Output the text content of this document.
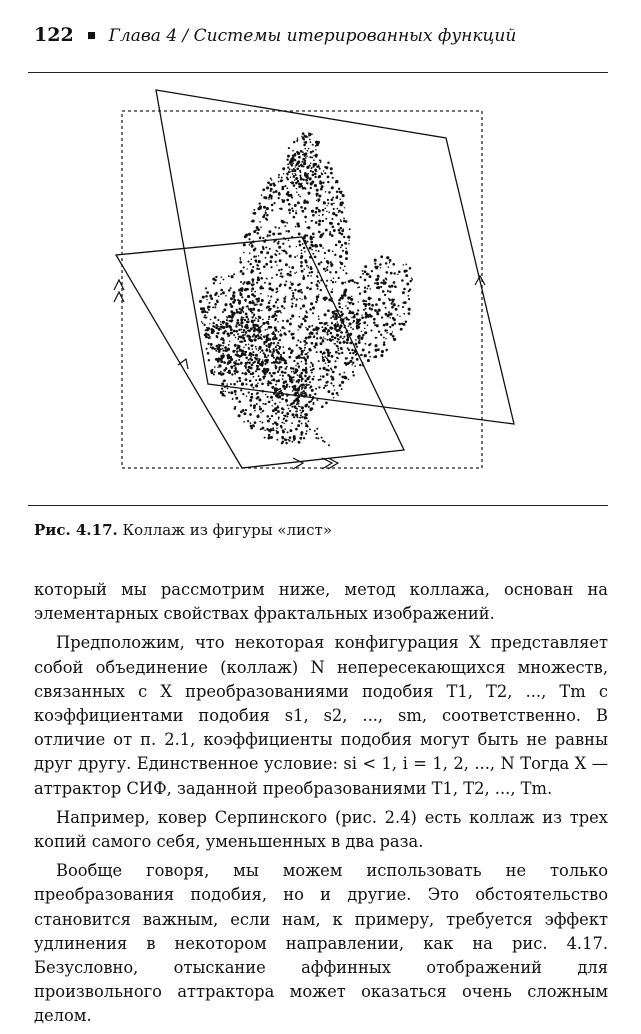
122 Глава 4 / Системы итерированных функций
Рис. 4.17. Коллаж из фигуры «лист»

который мы рассмотрим ниже, метод коллажа, основан на элементарных свойствах фрактальных изображений.

Предположим, что некоторая конфигурация X представляет собой объединение (коллаж) N непересекающихся множеств, связанных с X преобразованиями подобия T1, T2, ..., Tm с коэффициентами подобия s1, s2, ..., sm, соответственно. В отличие от п. 2.1, коэффициенты подобия могут быть не равны друг другу. Единственное условие: si < 1, i = 1, 2, ..., N Тогда X — аттрактор СИФ, заданной преобразованиями T1, T2, ..., Tm.

Например, ковер Серпинского (рис. 2.4) есть коллаж из трех копий самого себя, уменьшенных в два раза.

Вообще говоря, мы можем использовать не только преобразования подобия, но и другие. Это обстоятельство становится важным, если нам, к примеру, требуется эффект удлинения в некотором направлении, как на рис. 4.17. Безусловно, отыскание аффинных отображений для произвольного аттрактора может оказаться очень сложным делом.
